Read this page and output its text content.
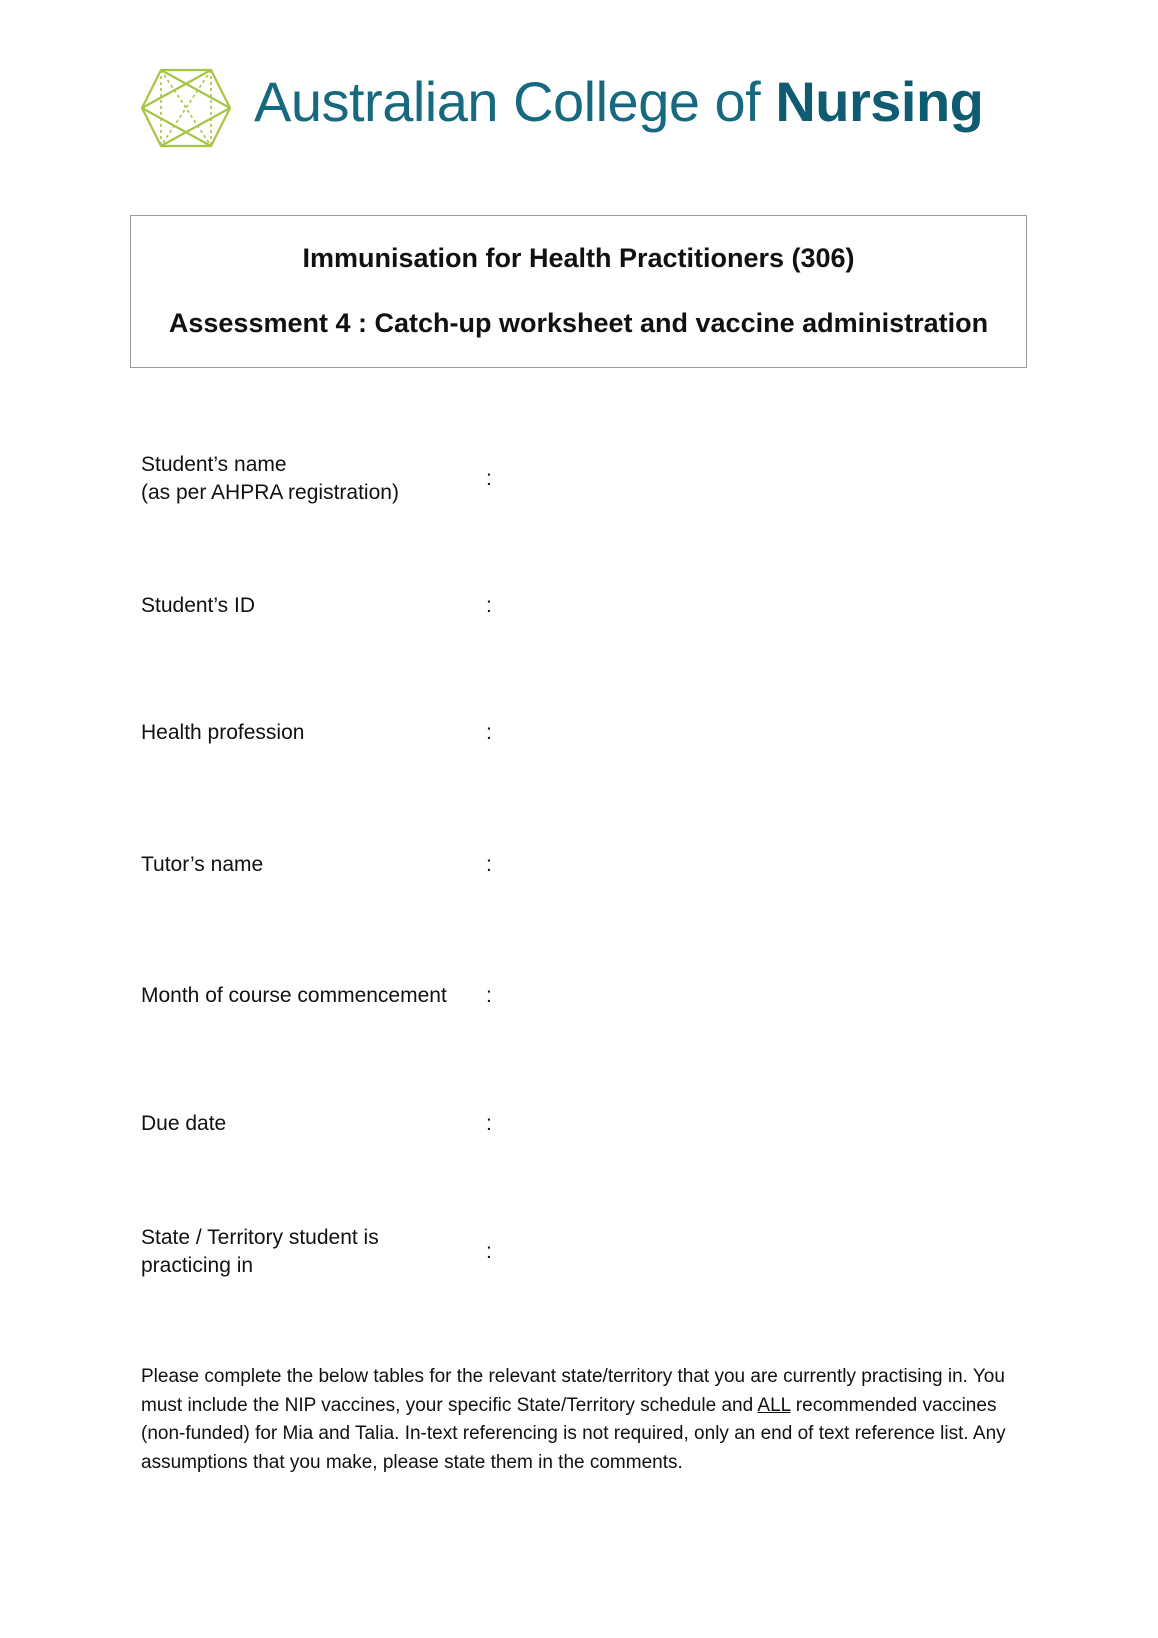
Australian College of Nursing
Immunisation for Health Practitioners (306)
Assessment 4 : Catch-up worksheet and vaccine administration
Student’s name
(as per AHPRA registration)
:
Student’s ID	:
Health profession	:
Tutor’s name	:
Month of course commencement :
Due date	:
State / Territory student is
practicing in
:

Please complete the below tables for the relevant state/territory that you are currently practising in. You must include the NIP vaccines, your specific State/Territory schedule and ALL recommended vaccines (non-funded) for Mia and Talia. In-text referencing is not required, only an end of text reference list. Any assumptions that you make, please state them in the comments.
